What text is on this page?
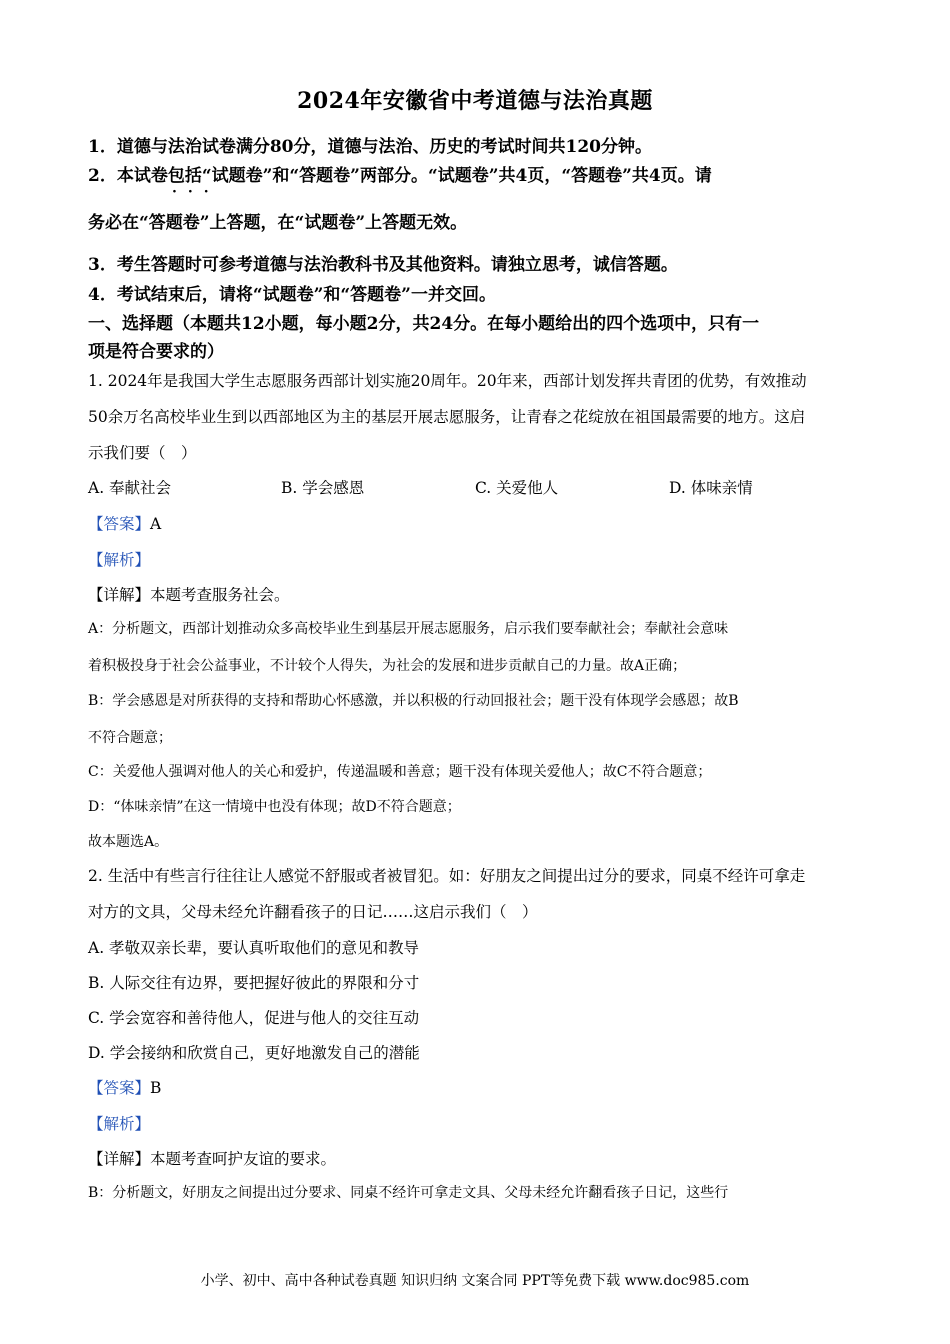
2024年安徽省中考道德与法治真题
1．道德与法治试卷满分80分，道德与法治、历史的考试时间共120分钟。
2．本试卷包括“试题卷”和“答题卷”两部分。“试题卷”共4页，“答题卷”共4页。请
···
务必在“答题卷”上答题，在“试题卷”上答题无效。
3．考生答题时可参考道德与法治教科书及其他资料。请独立思考，诚信答题。
4．考试结束后，请将“试题卷”和“答题卷”一并交回。
一、选择题（本题共12小题，每小题2分，共24分。在每小题给出的四个选项中，只有一
项是符合要求的）
1. 2024年是我国大学生志愿服务西部计划实施20周年。20年来，西部计划发挥共青团的优势，有效推动
50余万名高校毕业生到以西部地区为主的基层开展志愿服务，让青春之花绽放在祖国最需要的地方。这启
示我们要（　）
A. 奉献社会	B. 学会感恩	C. 关爱他人	D. 体味亲情
【答案】A
【解析】
【详解】本题考查服务社会。
A：分析题文，西部计划推动众多高校毕业生到基层开展志愿服务，启示我们要奉献社会；奉献社会意味
着积极投身于社会公益事业，不计较个人得失，为社会的发展和进步贡献自己的力量。故A正确；
B：学会感恩是对所获得的支持和帮助心怀感激，并以积极的行动回报社会；题干没有体现学会感恩；故B
不符合题意；
C：关爱他人强调对他人的关心和爱护，传递温暖和善意；题干没有体现关爱他人；故C不符合题意；
D：“体味亲情”在这一情境中也没有体现；故D不符合题意；
故本题选A。
2. 生活中有些言行往往让人感觉不舒服或者被冒犯。如：好朋友之间提出过分的要求，同桌不经许可拿走
对方的文具，父母未经允许翻看孩子的日记……这启示我们（　）
A. 孝敬双亲长辈，要认真听取他们的意见和教导
B. 人际交往有边界，要把握好彼此的界限和分寸
C. 学会宽容和善待他人，促进与他人的交往互动
D. 学会接纳和欣赏自己，更好地激发自己的潜能
【答案】B
【解析】
【详解】本题考查呵护友谊的要求。
B：分析题文，好朋友之间提出过分要求、同桌不经许可拿走文具、父母未经允许翻看孩子日记，这些行
小学、初中、高中各种试卷真题 知识归纳 文案合同 PPT等免费下载 www.doc985.com
